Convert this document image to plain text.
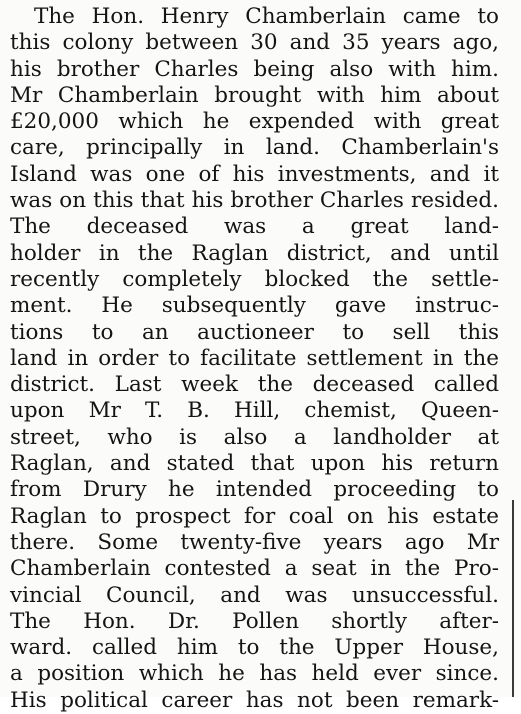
The Hon. Henry Chamberlain came to
this colony between 30 and 35 years ago,
his brother Charles being also with him.
Mr Chamberlain brought with him about
£20,000 which he expended with great
care, principally in land. Chamberlain's
Island was one of his investments, and it
was on this that his brother Charles resided.
The deceased was a great land-
holder in the Raglan district, and until
recently completely blocked the settle-
ment. He subsequently gave instruc-
tions to an auctioneer to sell this
land in order to facilitate settlement in the
district. Last week the deceased called
upon Mr T. B. Hill, chemist, Queen-
street, who is also a landholder at
Raglan, and stated that upon his return
from Drury he intended proceeding to
Raglan to prospect for coal on his estate
there. Some twenty-five years ago Mr
Chamberlain contested a seat in the Pro-
vincial Council, and was unsuccessful.
The Hon. Dr. Pollen shortly after-
ward. called him to the Upper House,
a position which he has held ever since.
His political career has not been remark-
